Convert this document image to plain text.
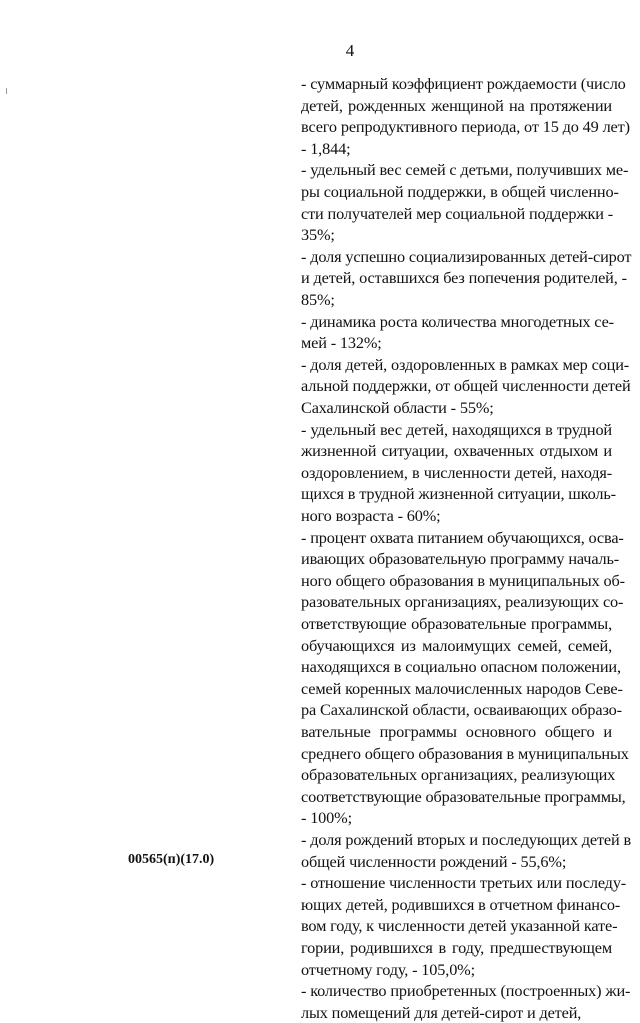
4
- суммарный коэффициент рождаемости (число
детей, рожденных женщиной на протяжении
всего репродуктивного периода, от 15 до 49 лет)
- 1,844;
- удельный вес семей с детьми, получивших ме-
ры социальной поддержки, в общей численно-
сти получателей мер социальной поддержки -
35%;
- доля успешно социализированных детей-сирот
и детей, оставшихся без попечения родителей, -
85%;
- динамика роста количества многодетных се-
мей - 132%;
- доля детей, оздоровленных в рамках мер соци-
альной поддержки, от общей численности детей
Сахалинской области - 55%;
- удельный вес детей, находящихся в трудной
жизненной ситуации, охваченных отдыхом и
оздоровлением, в численности детей, находя-
щихся в трудной жизненной ситуации, школь-
ного возраста - 60%;
- процент охвата питанием обучающихся, осва-
ивающих образовательную программу началь-
ного общего образования в муниципальных об-
разовательных организациях, реализующих со-
ответствующие образовательные программы,
обучающихся из малоимущих семей, семей,
находящихся в социально опасном положении,
семей коренных малочисленных народов Севе-
ра Сахалинской области, осваивающих образо-
вательные программы основного общего и
среднего общего образования в муниципальных
образовательных организациях, реализующих
соответствующие образовательные программы,
- 100%;
- доля рождений вторых и последующих детей в
общей численности рождений - 55,6%;
- отношение численности третьих или последу-
ющих детей, родившихся в отчетном финансо-
вом году, к численности детей указанной кате-
гории, родившихся в году, предшествующем
отчетному году, - 105,0%;
- количество приобретенных (построенных) жи-
лых помещений для детей-сирот и детей,
00565(п)(17.0)
